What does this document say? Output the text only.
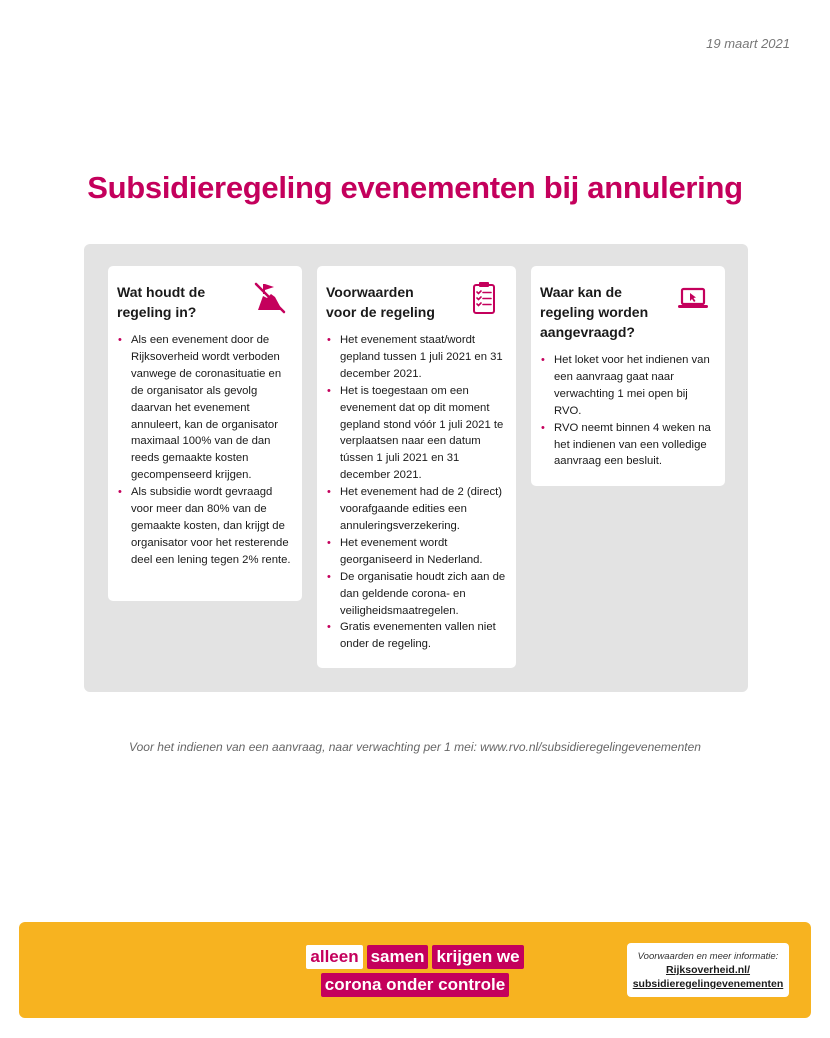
19 maart 2021
Subsidieregeling evenementen bij annulering
Wat houdt de regeling in?
• Als een evenement door de Rijksoverheid wordt verboden vanwege de coronasituatie en de organisator als gevolg daarvan het evenement annuleert, kan de organisator maximaal 100% van de dan reeds gemaakte kosten gecompenseerd krijgen.
• Als subsidie wordt gevraagd voor meer dan 80% van de gemaakte kosten, dan krijgt de organisator voor het resterende deel een lening tegen 2% rente.
Voorwaarden voor de regeling
• Het evenement staat/wordt gepland tussen 1 juli 2021 en 31 december 2021.
• Het is toegestaan om een evenement dat op dit moment gepland stond vóór 1 juli 2021 te verplaatsen naar een datum tússen 1 juli 2021 en 31 december 2021.
• Het evenement had de 2 (direct) voorafgaande edities een annuleringsverzekering.
• Het evenement wordt georganiseerd in Nederland.
• De organisatie houdt zich aan de dan geldende corona- en veiligheidsmaatregelen.
• Gratis evenementen vallen niet onder de regeling.
Waar kan de regeling worden aangevraagd?
• Het loket voor het indienen van een aanvraag gaat naar verwachting 1 mei open bij RVO.
• RVO neemt binnen 4 weken na het indienen van een volledige aanvraag een besluit.

Voor het indienen van een aanvraag, naar verwachting per 1 mei: www.rvo.nl/subsidieregelingevenementen

alleen samen krijgen we
corona onder controle
Voorwaarden en meer informatie:
Rijksoverheid.nl/
subsidieregelingevenementen
